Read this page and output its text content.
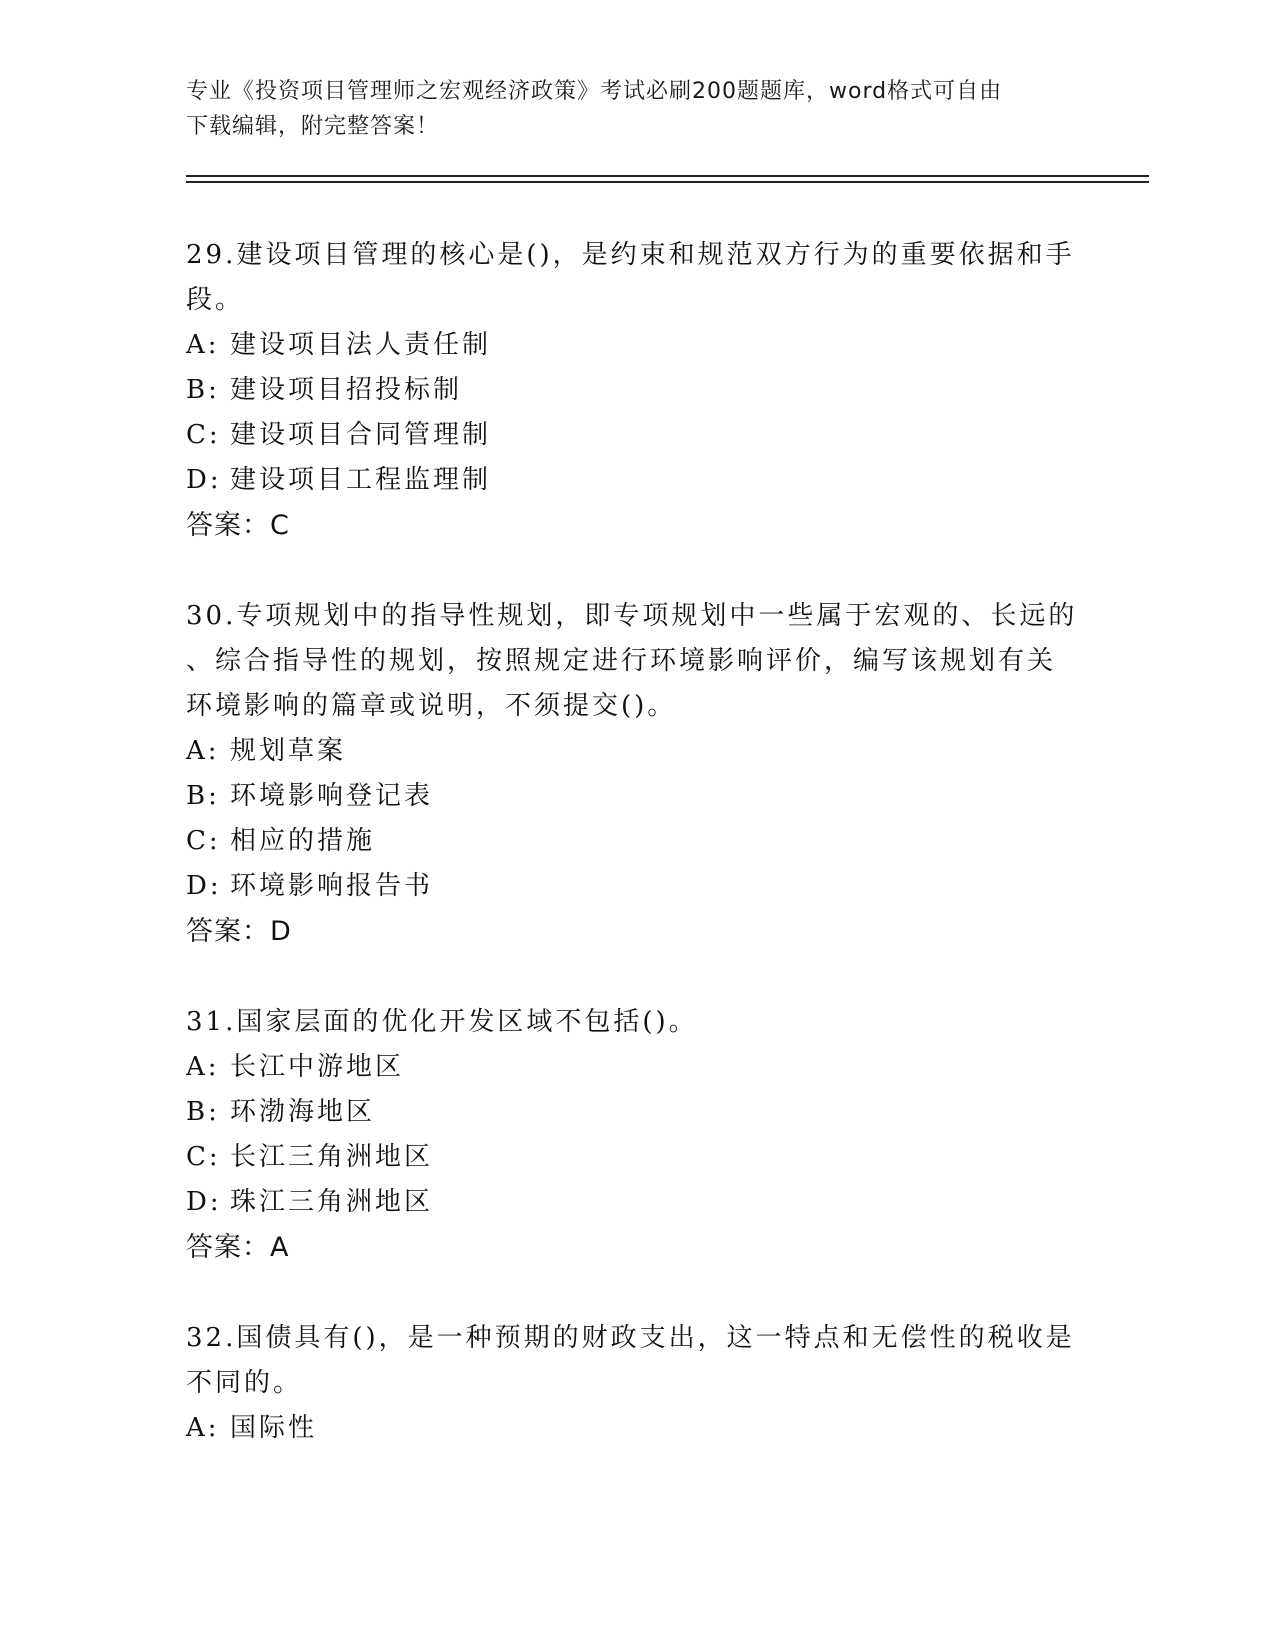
专业《投资项目管理师之宏观经济政策》考试必刷200题题库，word格式可自由
下载编辑，附完整答案！

29.建设项目管理的核心是()，是约束和规范双方行为的重要依据和手
段。

A: 建设项目法人责任制

B: 建设项目招投标制

C: 建设项目合同管理制

D: 建设项目工程监理制

答案：C

30.专项规划中的指导性规划，即专项规划中一些属于宏观的、长远的
、综合指导性的规划，按照规定进行环境影响评价，编写该规划有关
环境影响的篇章或说明，不须提交()。

A: 规划草案

B: 环境影响登记表

C: 相应的措施

D: 环境影响报告书

答案：D

31.国家层面的优化开发区域不包括()。

A: 长江中游地区

B: 环渤海地区

C: 长江三角洲地区

D: 珠江三角洲地区

答案：A

32.国债具有()，是一种预期的财政支出，这一特点和无偿性的税收是
不同的。

A: 国际性
